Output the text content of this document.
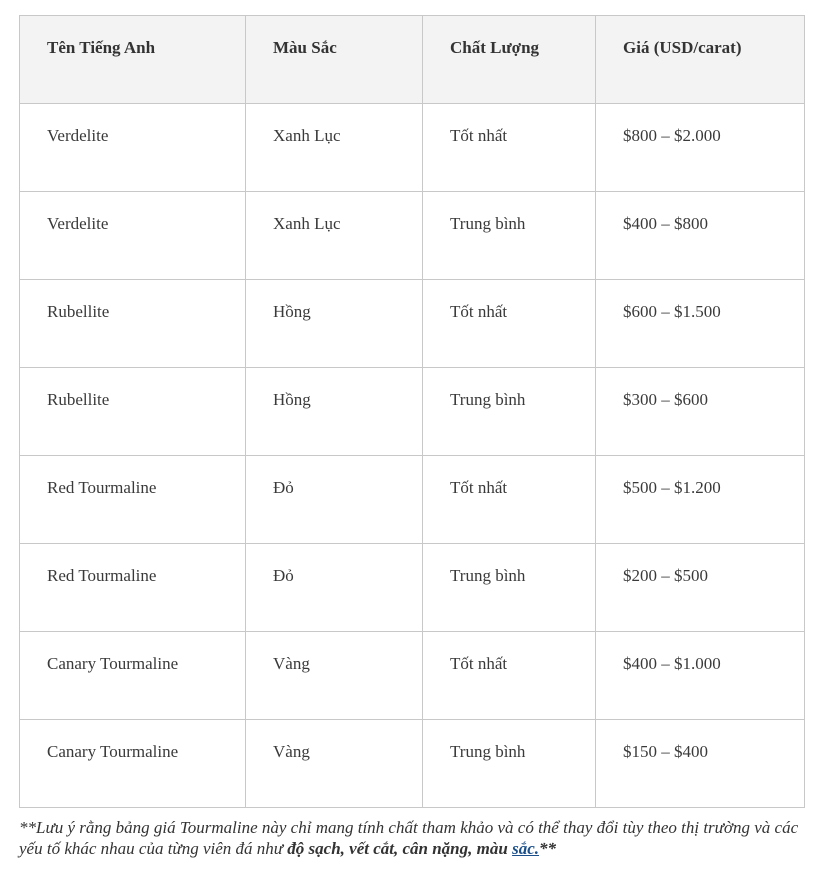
Tên Tiếng Anh	Màu Sắc	Chất Lượng	Giá (USD/carat)
Verdelite	Xanh Lục	Tốt nhất	$800 – $2.000
Verdelite	Xanh Lục	Trung bình	$400 – $800
Rubellite	Hồng	Tốt nhất	$600 – $1.500
Rubellite	Hồng	Trung bình	$300 – $600
Red Tourmaline	Đỏ	Tốt nhất	$500 – $1.200
Red Tourmaline	Đỏ	Trung bình	$200 – $500
Canary Tourmaline	Vàng	Tốt nhất	$400 – $1.000
Canary Tourmaline	Vàng	Trung bình	$150 – $400

**Lưu ý rằng bảng giá Tourmaline này chỉ mang tính chất tham khảo và có thể thay đổi tùy theo thị trường và các yếu tố khác nhau của từng viên đá như độ sạch, vết cắt, cân nặng, màu sắc.**
